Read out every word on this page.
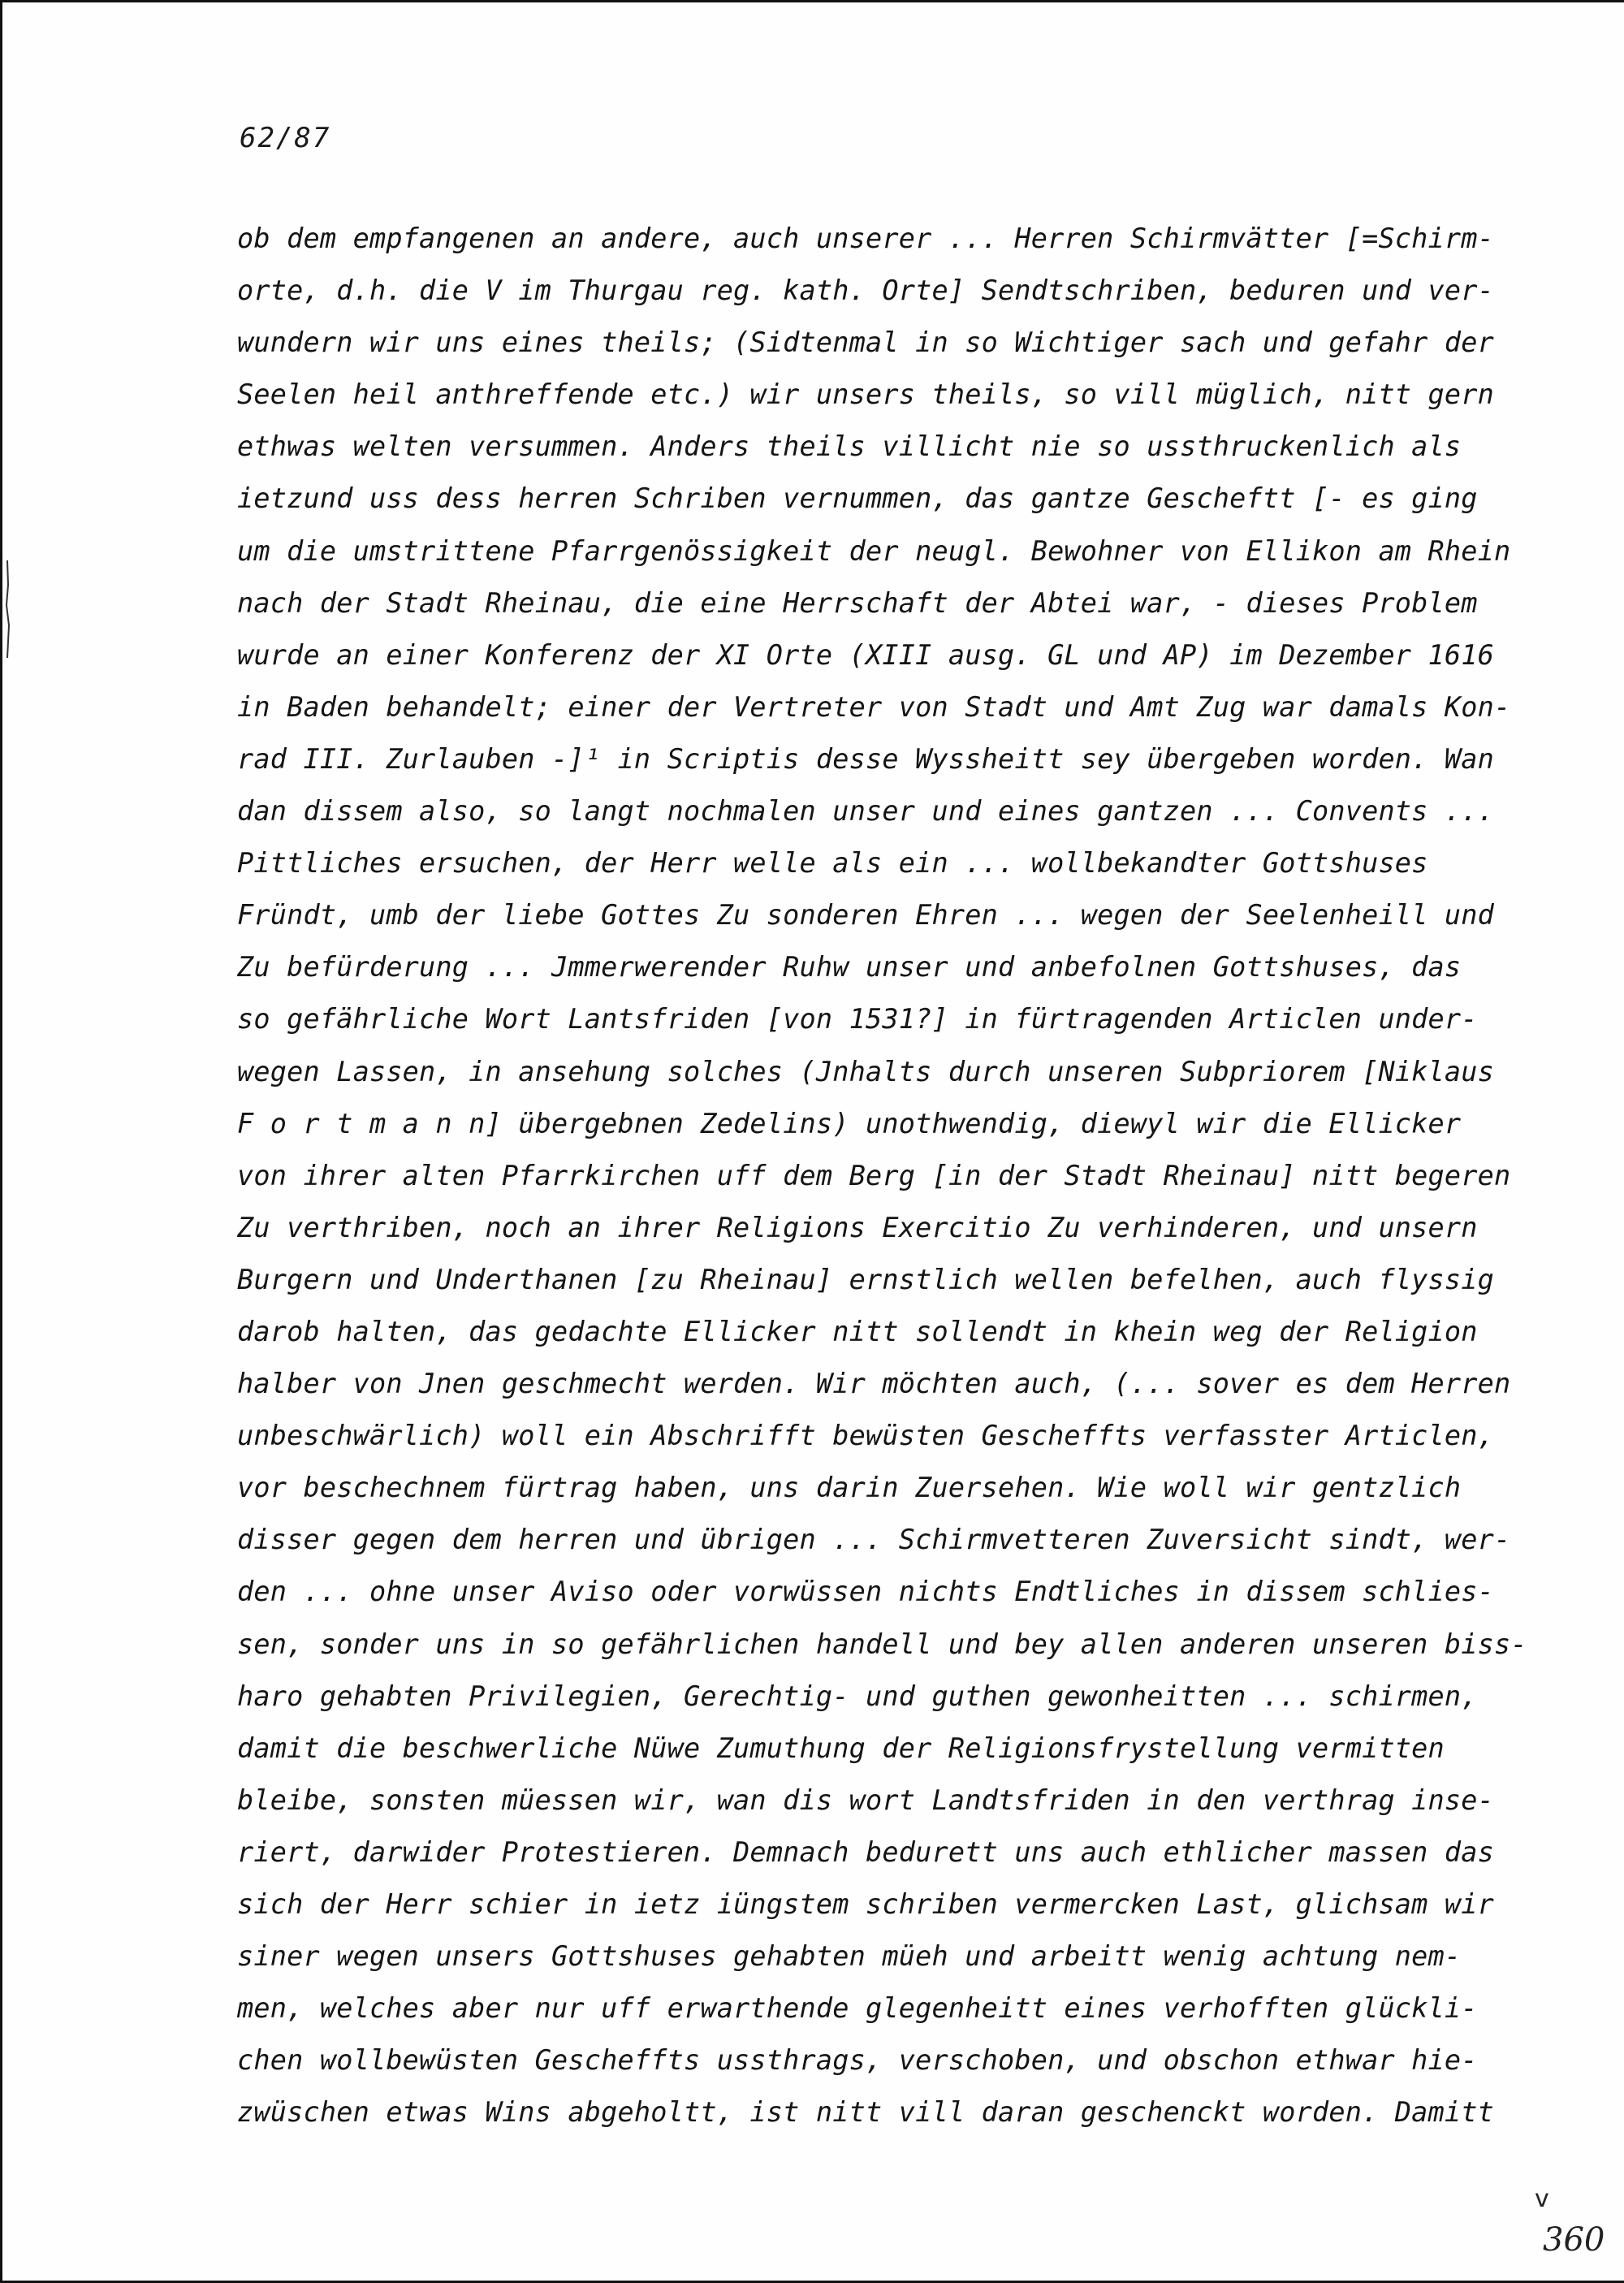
62/87
ob dem empfangenen an andere, auch unserer ... Herren Schirmvätter [=Schirm-
orte, d.h. die V im Thurgau reg. kath. Orte] Sendtschriben, beduren und ver-
wundern wir uns eines theils; (Sidtenmal in so Wichtiger sach und gefahr der
Seelen heil anthreffende etc.) wir unsers theils, so vill müglich, nitt gern
ethwas welten versummen. Anders theils villicht nie so ussthruckenlich als
ietzund uss dess herren Schriben vernummen, das gantze Gescheftt [- es ging
um die umstrittene Pfarrgenössigkeit der neugl. Bewohner von Ellikon am Rhein
nach der Stadt Rheinau, die eine Herrschaft der Abtei war, - dieses Problem
wurde an einer Konferenz der XI Orte (XIII ausg. GL und AP) im Dezember 1616
in Baden behandelt; einer der Vertreter von Stadt und Amt Zug war damals Kon-
rad III. Zurlauben -]¹ in Scriptis desse Wyssheitt sey übergeben worden. Wan
dan dissem also, so langt nochmalen unser und eines gantzen ... Convents ...
Pittliches ersuchen, der Herr welle als ein ... wollbekandter Gottshuses
Fründt, umb der liebe Gottes Zu sonderen Ehren ... wegen der Seelenheill und
Zu befürderung ... Jmmerwerender Ruhw unser und anbefolnen Gottshuses, das
so gefährliche Wort Lantsfriden [von 1531?] in fürtragenden Articlen under-
wegen Lassen, in ansehung solches (Jnhalts durch unseren Subpriorem [Niklaus
F o r t m a n n] übergebnen Zedelins) unothwendig, diewyl wir die Ellicker
von ihrer alten Pfarrkirchen uff dem Berg [in der Stadt Rheinau] nitt begeren
Zu verthriben, noch an ihrer Religions Exercitio Zu verhinderen, und unsern
Burgern und Underthanen [zu Rheinau] ernstlich wellen befelhen, auch flyssig
darob halten, das gedachte Ellicker nitt sollendt in khein weg der Religion
halber von Jnen geschmecht werden. Wir möchten auch, (... sover es dem Herren
unbeschwärlich) woll ein Abschrifft bewüsten Gescheffts verfasster Articlen,
vor beschechnem fürtrag haben, uns darin Zuersehen. Wie woll wir gentzlich
disser gegen dem herren und übrigen ... Schirmvetteren Zuversicht sindt, wer-
den ... ohne unser Aviso oder vorwüssen nichts Endtliches in dissem schlies-
sen, sonder uns in so gefährlichen handell und bey allen anderen unseren biss-
haro gehabten Privilegien, Gerechtig- und guthen gewonheitten ... schirmen,
damit die beschwerliche Nüwe Zumuthung der Religionsfrystellung vermitten
bleibe, sonsten müessen wir, wan dis wort Landtsfriden in den verthrag inse-
riert, darwider Protestieren. Demnach bedurett uns auch ethlicher massen das
sich der Herr schier in ietz iüngstem schriben vermercken Last, glichsam wir
siner wegen unsers Gottshuses gehabten müeh und arbeitt wenig achtung nem-
men, welches aber nur uff erwarthende glegenheitt eines verhofften glückli-
chen wollbewüsten Gescheffts ussthrags, verschoben, und obschon ethwar hie-
zwüschen etwas Wins abgeholtt, ist nitt vill daran geschenckt worden. Damitt
v
360
